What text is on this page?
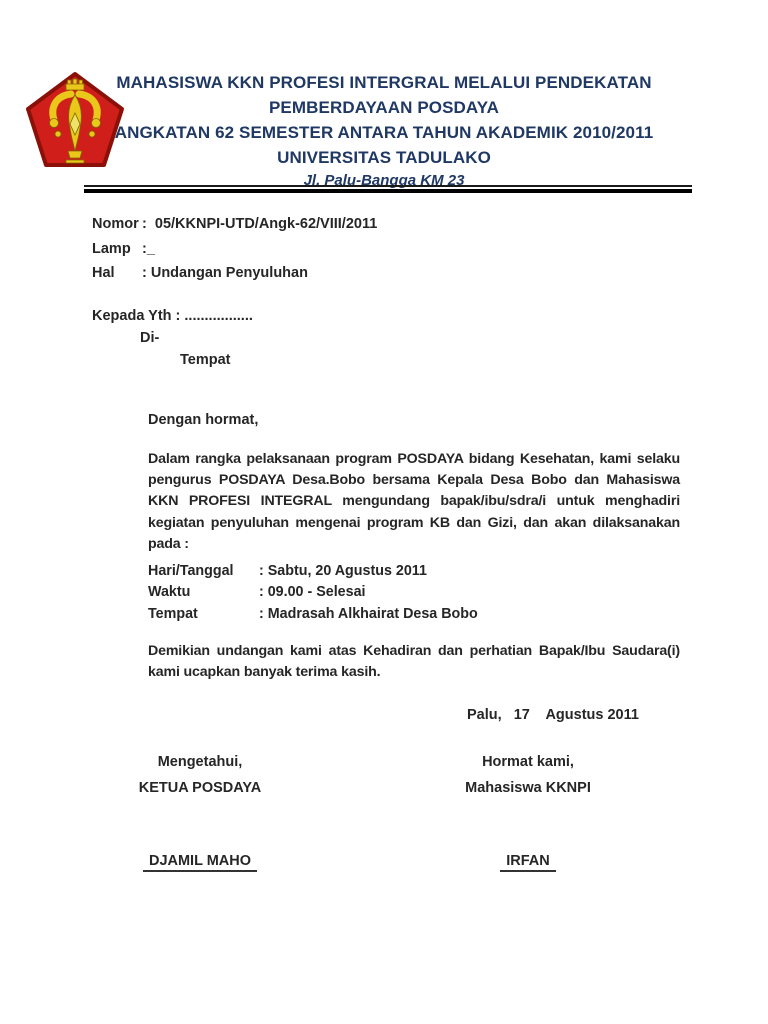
MAHASISWA KKN PROFESI INTERGRAL MELALUI PENDEKATAN
PEMBERDAYAAN POSDAYA
ANGKATAN 62 SEMESTER ANTARA TAHUN AKADEMIK 2010/2011
UNIVERSITAS TADULAKO
Jl. Palu-Bangga KM 23
Nomor :  05/KKNPI-UTD/Angk-62/VIII/2011
Lamp :_
Hal	: Undangan Penyuluhan
Kepada Yth : .................
Di-
Tempat
Dengan hormat,
Dalam rangka pelaksanaan program POSDAYA bidang Kesehatan, kami selaku pengurus POSDAYA Desa.Bobo bersama Kepala Desa Bobo dan Mahasiswa KKN PROFESI INTEGRAL mengundang bapak/ibu/sdra/i untuk menghadiri kegiatan penyuluhan mengenai program KB dan Gizi, dan akan dilaksanakan pada :
Hari/Tanggal	: Sabtu, 20 Agustus 2011
Waktu	: 09.00 - Selesai
Tempat	: Madrasah Alkhairat Desa Bobo
Demikian undangan kami atas Kehadiran dan perhatian Bapak/Ibu Saudara(i) kami ucapkan banyak terima kasih.
Palu,   17    Agustus 2011
Mengetahui,
KETUA POSDAYA
Hormat kami,
Mahasiswa KKNPI
DJAMIL MAHO	IRFAN
